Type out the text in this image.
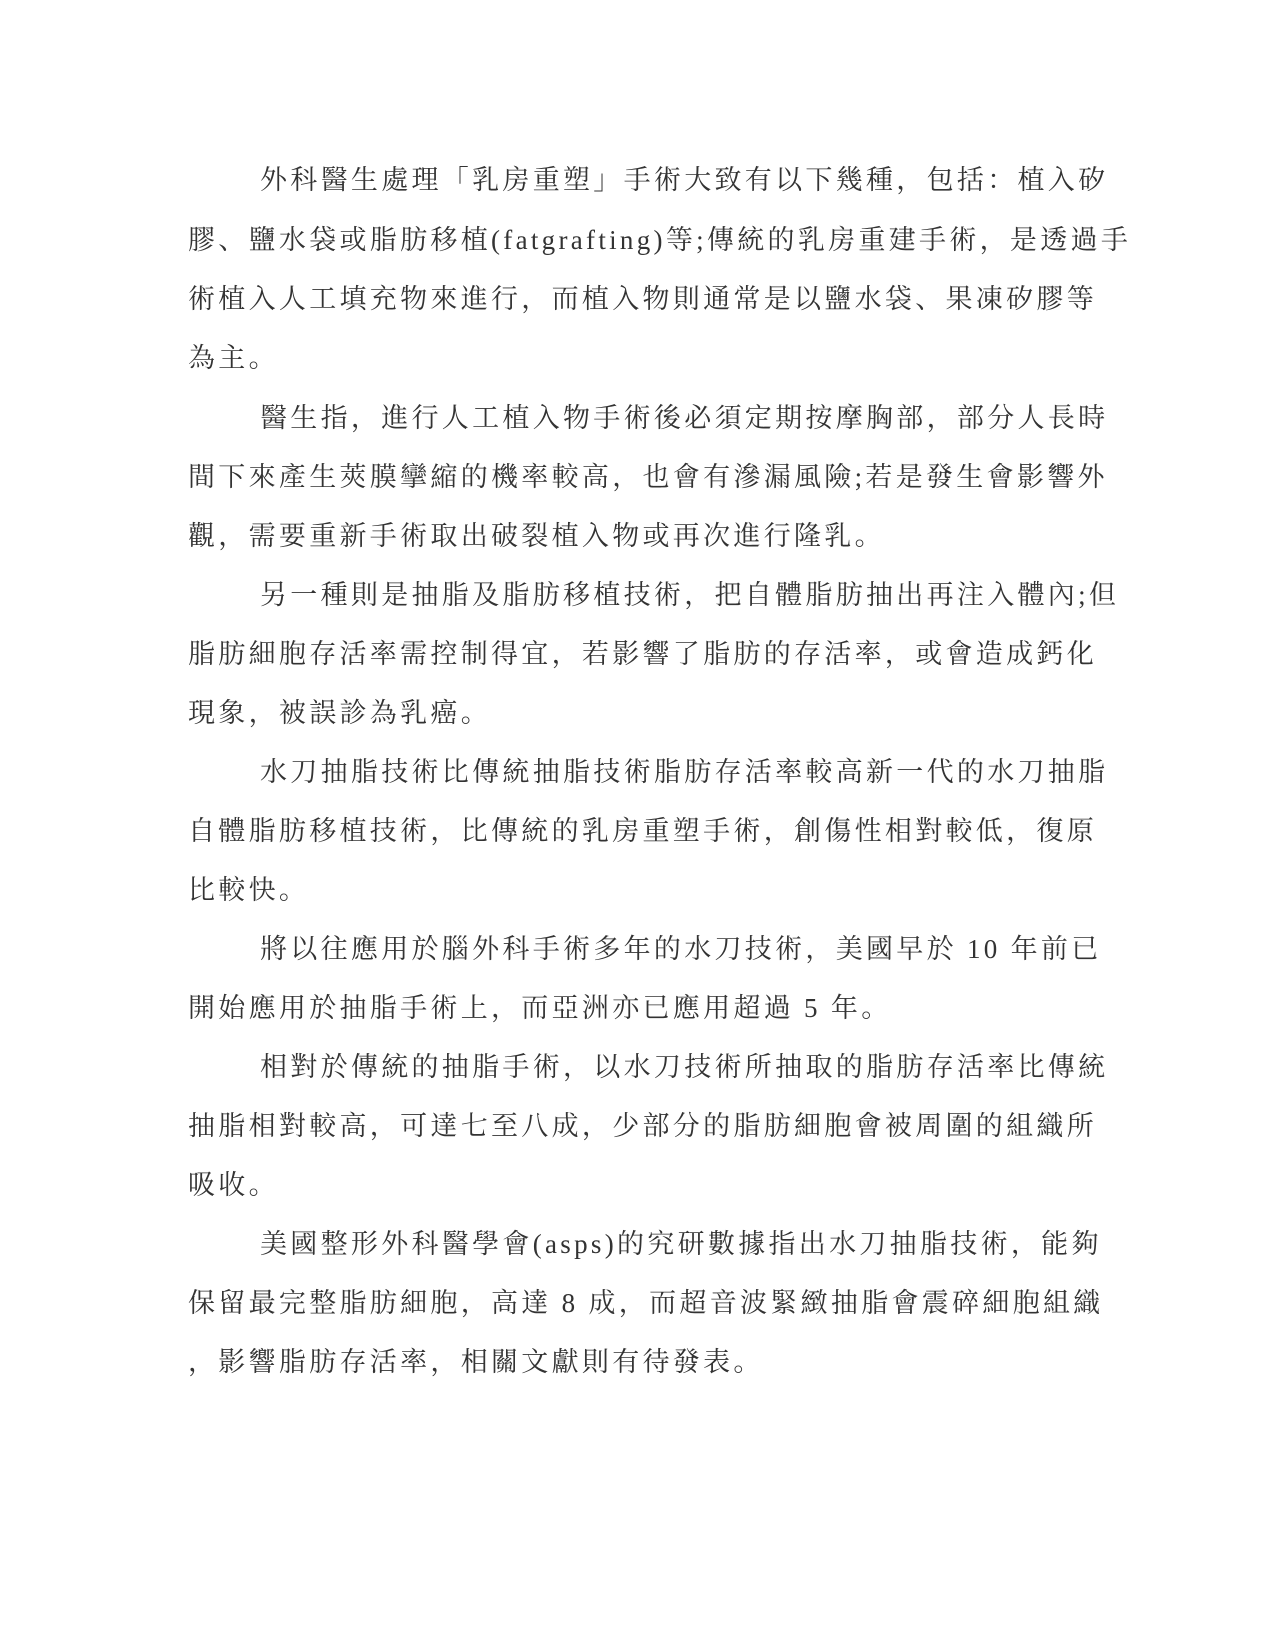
外科醫生處理「乳房重塑」手術大致有以下幾種，包括：植入矽
膠、鹽水袋或脂肪移植(fatgrafting)等;傳統的乳房重建手術，是透過手
術植入人工填充物來進行，而植入物則通常是以鹽水袋、果凍矽膠等
為主。
醫生指，進行人工植入物手術後必須定期按摩胸部，部分人長時
間下來產生莢膜攣縮的機率較高，也會有滲漏風險;若是發生會影響外
觀，需要重新手術取出破裂植入物或再次進行隆乳。
另一種則是抽脂及脂肪移植技術，把自體脂肪抽出再注入體內;但
脂肪細胞存活率需控制得宜，若影響了脂肪的存活率，或會造成鈣化
現象，被誤診為乳癌。
水刀抽脂技術比傳統抽脂技術脂肪存活率較高新一代的水刀抽脂
自體脂肪移植技術，比傳統的乳房重塑手術，創傷性相對較低，復原
比較快。
將以往應用於腦外科手術多年的水刀技術，美國早於 10 年前已
開始應用於抽脂手術上，而亞洲亦已應用超過 5 年。
相對於傳統的抽脂手術，以水刀技術所抽取的脂肪存活率比傳統
抽脂相對較高，可達七至八成，少部分的脂肪細胞會被周圍的組織所
吸收。
美國整形外科醫學會(asps)的究研數據指出水刀抽脂技術，能夠
保留最完整脂肪細胞，高達 8 成，而超音波緊緻抽脂會震碎細胞組織
，影響脂肪存活率，相關文獻則有待發表。
